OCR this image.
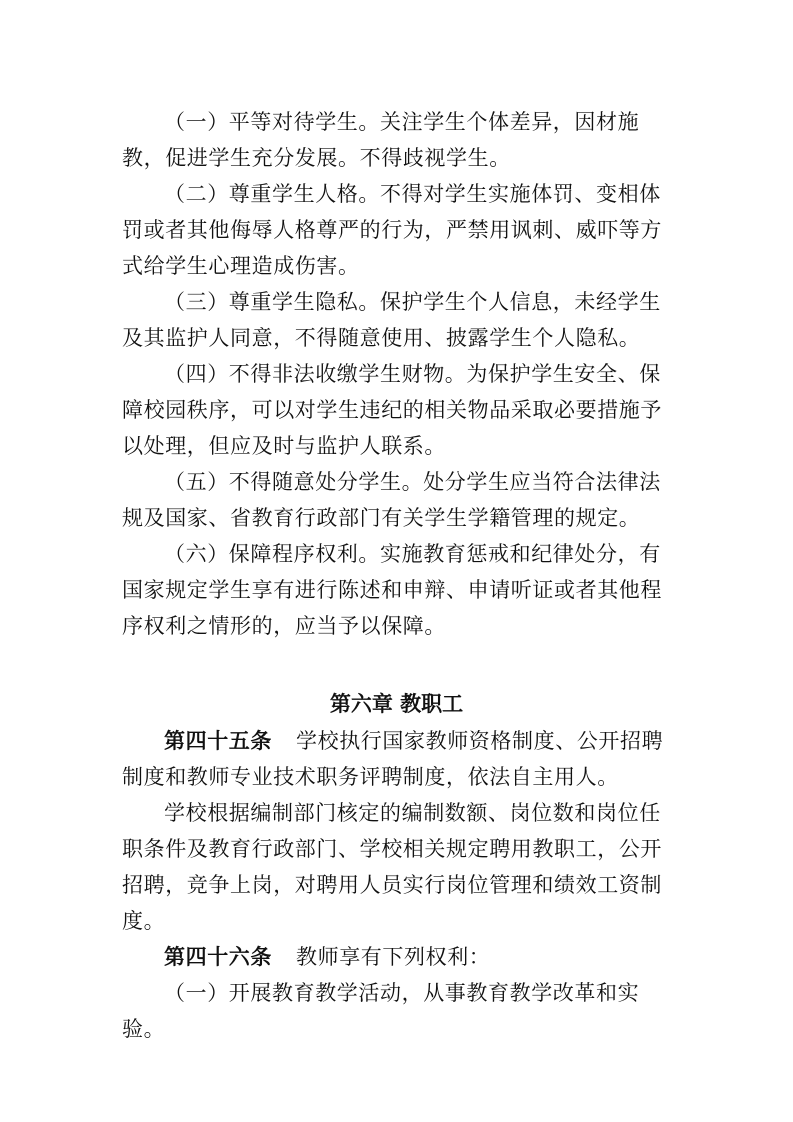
（一）平等对待学生。关注学生个体差异，因材施教，促进学生充分发展。不得歧视学生。

（二）尊重学生人格。不得对学生实施体罚、变相体罚或者其他侮辱人格尊严的行为，严禁用讽刺、威吓等方式给学生心理造成伤害。

（三）尊重学生隐私。保护学生个人信息，未经学生及其监护人同意，不得随意使用、披露学生个人隐私。

（四）不得非法收缴学生财物。为保护学生安全、保障校园秩序，可以对学生违纪的相关物品采取必要措施予以处理，但应及时与监护人联系。

（五）不得随意处分学生。处分学生应当符合法律法规及国家、省教育行政部门有关学生学籍管理的规定。

（六）保障程序权利。实施教育惩戒和纪律处分，有国家规定学生享有进行陈述和申辩、申请听证或者其他程序权利之情形的，应当予以保障。

第六章 教职工

第四十五条 学校执行国家教师资格制度、公开招聘制度和教师专业技术职务评聘制度，依法自主用人。

学校根据编制部门核定的编制数额、岗位数和岗位任职条件及教育行政部门、学校相关规定聘用教职工，公开招聘，竞争上岗，对聘用人员实行岗位管理和绩效工资制度。

第四十六条 教师享有下列权利：

（一）开展教育教学活动，从事教育教学改革和实验。
